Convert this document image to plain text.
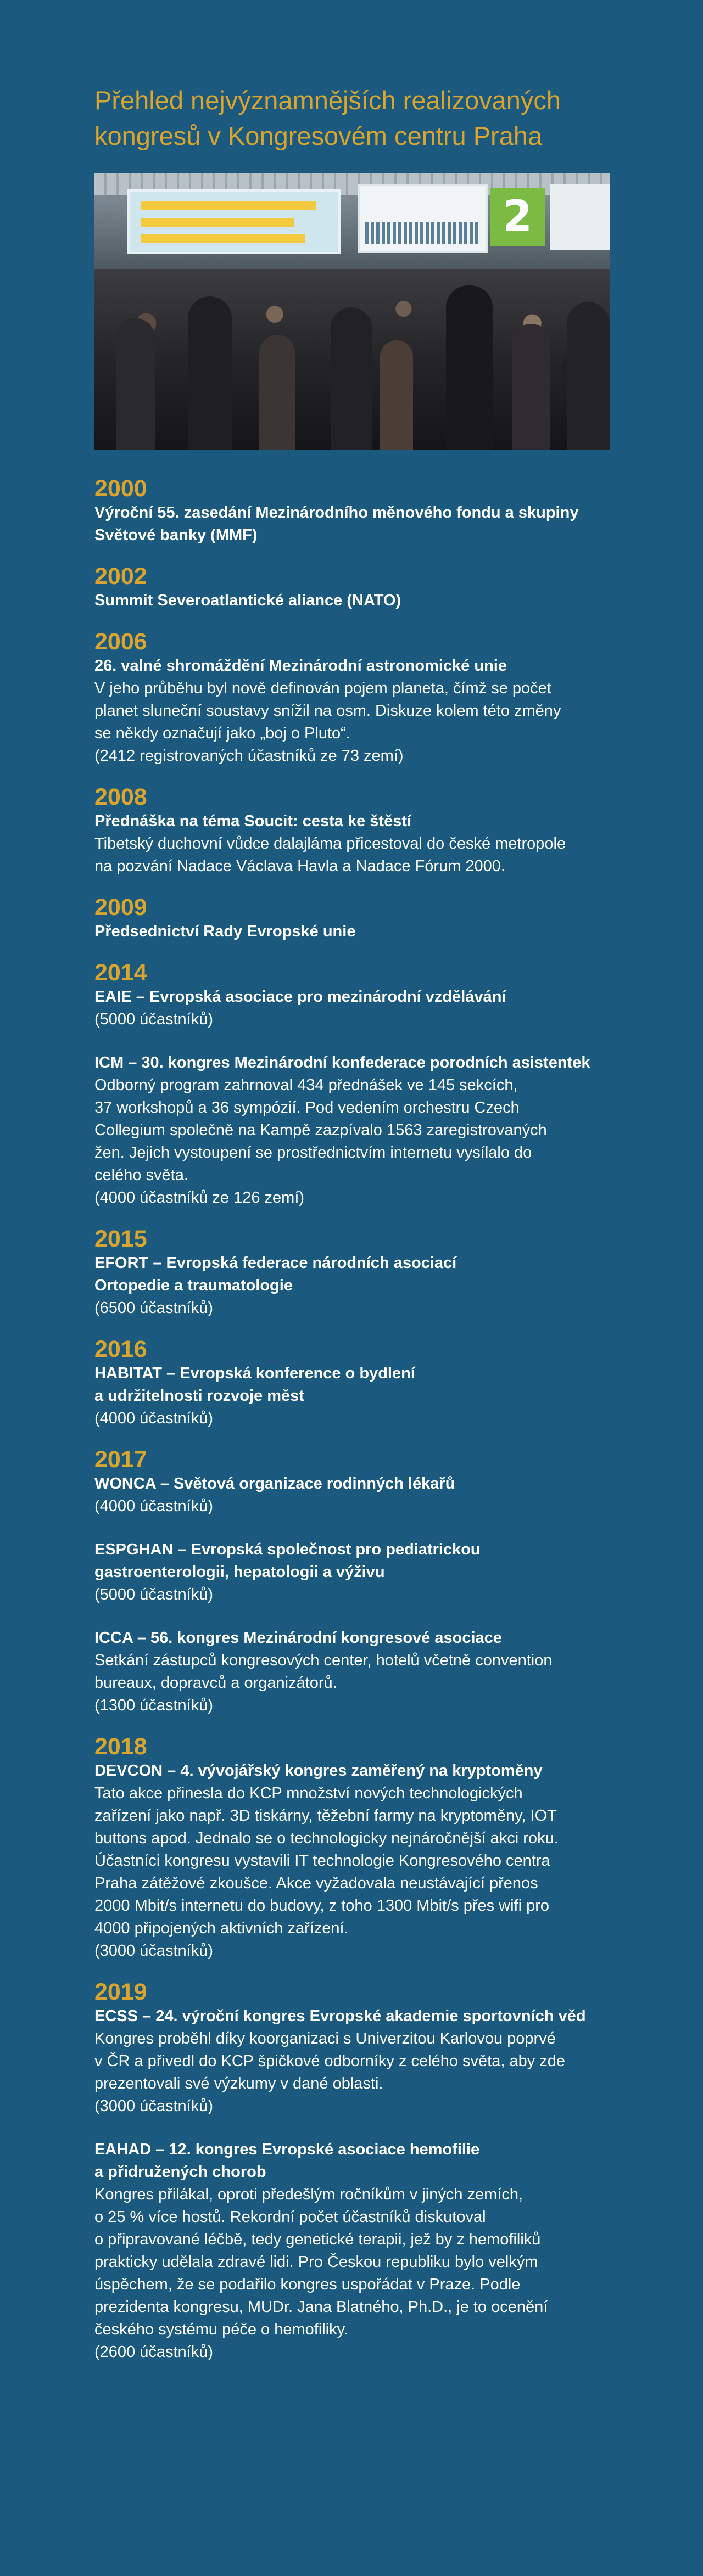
Přehled nejvýznamnějších realizovaných
kongresů v Kongresovém centru Praha
2
2000
Výroční 55. zasedání Mezinárodního měnového fondu a skupiny
Světové banky (MMF)
2002
Summit Severoatlantické aliance (NATO)
2006
26. valné shromáždění Mezinárodní astronomické unie
V jeho průběhu byl nově definován pojem planeta, čímž se počet
planet sluneční soustavy snížil na osm. Diskuze kolem této změny
se někdy označují jako „boj o Pluto“.
(2412 registrovaných účastníků ze 73 zemí)
2008
Přednáška na téma Soucit: cesta ke štěstí
Tibetský duchovní vůdce dalajláma přicestoval do české metropole
na pozvání Nadace Václava Havla a Nadace Fórum 2000.
2009
Předsednictví Rady Evropské unie
2014
EAIE – Evropská asociace pro mezinárodní vzdělávání
(5000 účastníků)
ICM – 30. kongres Mezinárodní konfederace porodních asistentek
Odborný program zahrnoval 434 přednášek ve 145 sekcích,
37 workshopů a 36 sympózií. Pod vedením orchestru Czech
Collegium společně na Kampě zazpívalo 1563 zaregistrovaných
žen. Jejich vystoupení se prostřednictvím internetu vysílalo do
celého světa.
(4000 účastníků ze 126 zemí)
2015
EFORT – Evropská federace národních asociací
Ortopedie a traumatologie
(6500 účastníků)
2016
HABITAT – Evropská konference o bydlení
a udržitelnosti rozvoje měst
(4000 účastníků)
2017
WONCA – Světová organizace rodinných lékařů
(4000 účastníků)
ESPGHAN – Evropská společnost pro pediatrickou
gastroenterologii, hepatologii a výživu
(5000 účastníků)
ICCA – 56. kongres Mezinárodní kongresové asociace
Setkání zástupců kongresových center, hotelů včetně convention
bureaux, dopravců a organizátorů.
(1300 účastníků)
2018
DEVCON – 4. vývojářský kongres zaměřený na kryptoměny
Tato akce přinesla do KCP množství nových technologických
zařízení jako např. 3D tiskárny, těžební farmy na kryptoměny, IOT
buttons apod. Jednalo se o technologicky nejnáročnější akci roku.
Účastníci kongresu vystavili IT technologie Kongresového centra
Praha zátěžové zkoušce. Akce vyžadovala neustávající přenos
2000 Mbit/s internetu do budovy, z toho 1300 Mbit/s přes wifi pro
4000 připojených aktivních zařízení.
(3000 účastníků)
2019
ECSS – 24. výroční kongres Evropské akademie sportovních věd
Kongres proběhl díky koorganizaci s Univerzitou Karlovou poprvé
v ČR a přivedl do KCP špičkové odborníky z celého světa, aby zde
prezentovali své výzkumy v dané oblasti.
(3000 účastníků)
EAHAD – 12. kongres Evropské asociace hemofilie
a přidružených chorob
Kongres přilákal, oproti předešlým ročníkům v jiných zemích,
o 25 % více hostů. Rekordní počet účastníků diskutoval
o připravované léčbě, tedy genetické terapii, jež by z hemofiliků
prakticky udělala zdravé lidi. Pro Českou republiku bylo velkým
úspěchem, že se podařilo kongres uspořádat v Praze. Podle
prezidenta kongresu, MUDr. Jana Blatného, Ph.D., je to ocenění
českého systému péče o hemofiliky.
(2600 účastníků)
